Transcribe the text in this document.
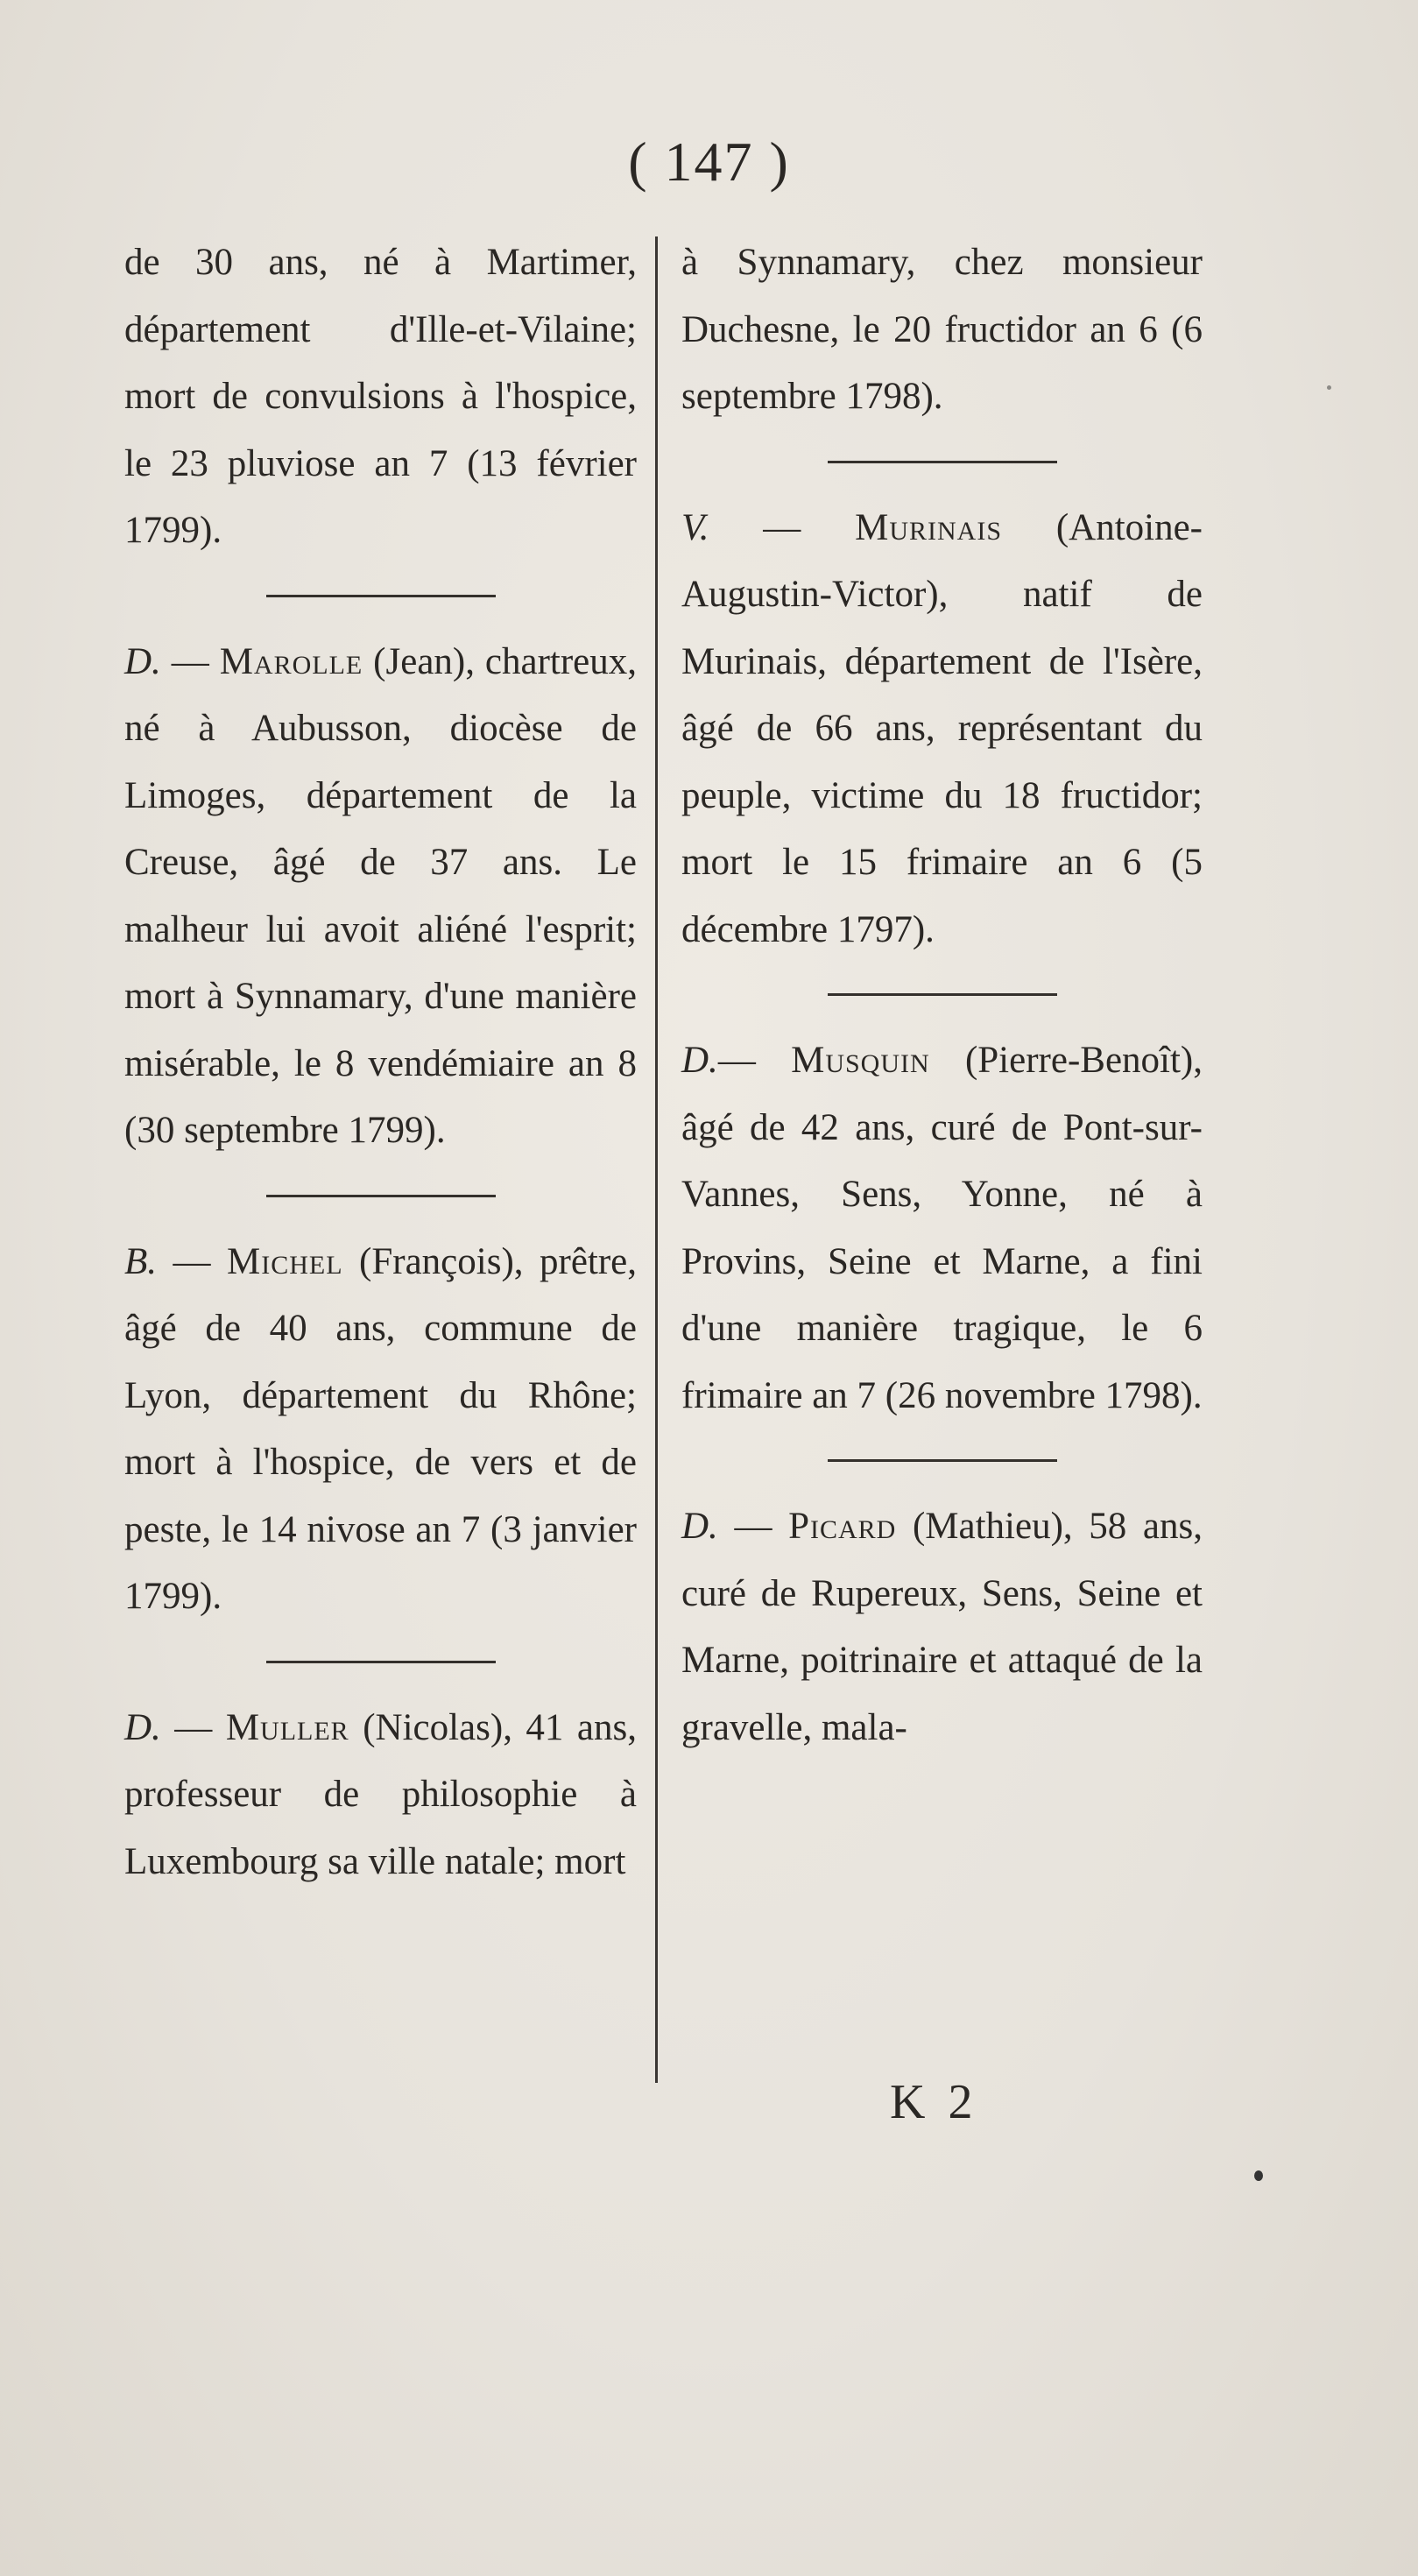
( 147 )

de 30 ans, né à Martimer, département d'Ille-et-Vilaine; mort de convulsions à l'hospice, le 23 pluviose an 7 (13 février 1799).

D. — Marolle (Jean), chartreux, né à Aubusson, diocèse de Limoges, département de la Creuse, âgé de 37 ans. Le malheur lui avoit aliéné l'esprit; mort à Synnamary, d'une manière misérable, le 8 vendémiaire an 8 (30 septembre 1799).

B. — Michel (François), prêtre, âgé de 40 ans, commune de Lyon, département du Rhône; mort à l'hospice, de vers et de peste, le 14 nivose an 7 (3 janvier 1799).

D. — Muller (Nicolas), 41 ans, professeur de philosophie à Luxembourg sa ville natale; mort

à Synnamary, chez monsieur Duchesne, le 20 fructidor an 6 (6 septembre 1798).

V. — Murinais (Antoine-Augustin-Victor), natif de Murinais, département de l'Isère, âgé de 66 ans, représentant du peuple, victime du 18 fructidor; mort le 15 frimaire an 6 (5 décembre 1797).

D.— Musquin (Pierre-Benoît), âgé de 42 ans, curé de Pont-sur-Vannes, Sens, Yonne, né à Provins, Seine et Marne, a fini d'une manière tragique, le 6 frimaire an 7 (26 novembre 1798).

D. — Picard (Mathieu), 58 ans, curé de Rupereux, Sens, Seine et Marne, poitrinaire et attaqué de la gravelle, mala-

K 2
